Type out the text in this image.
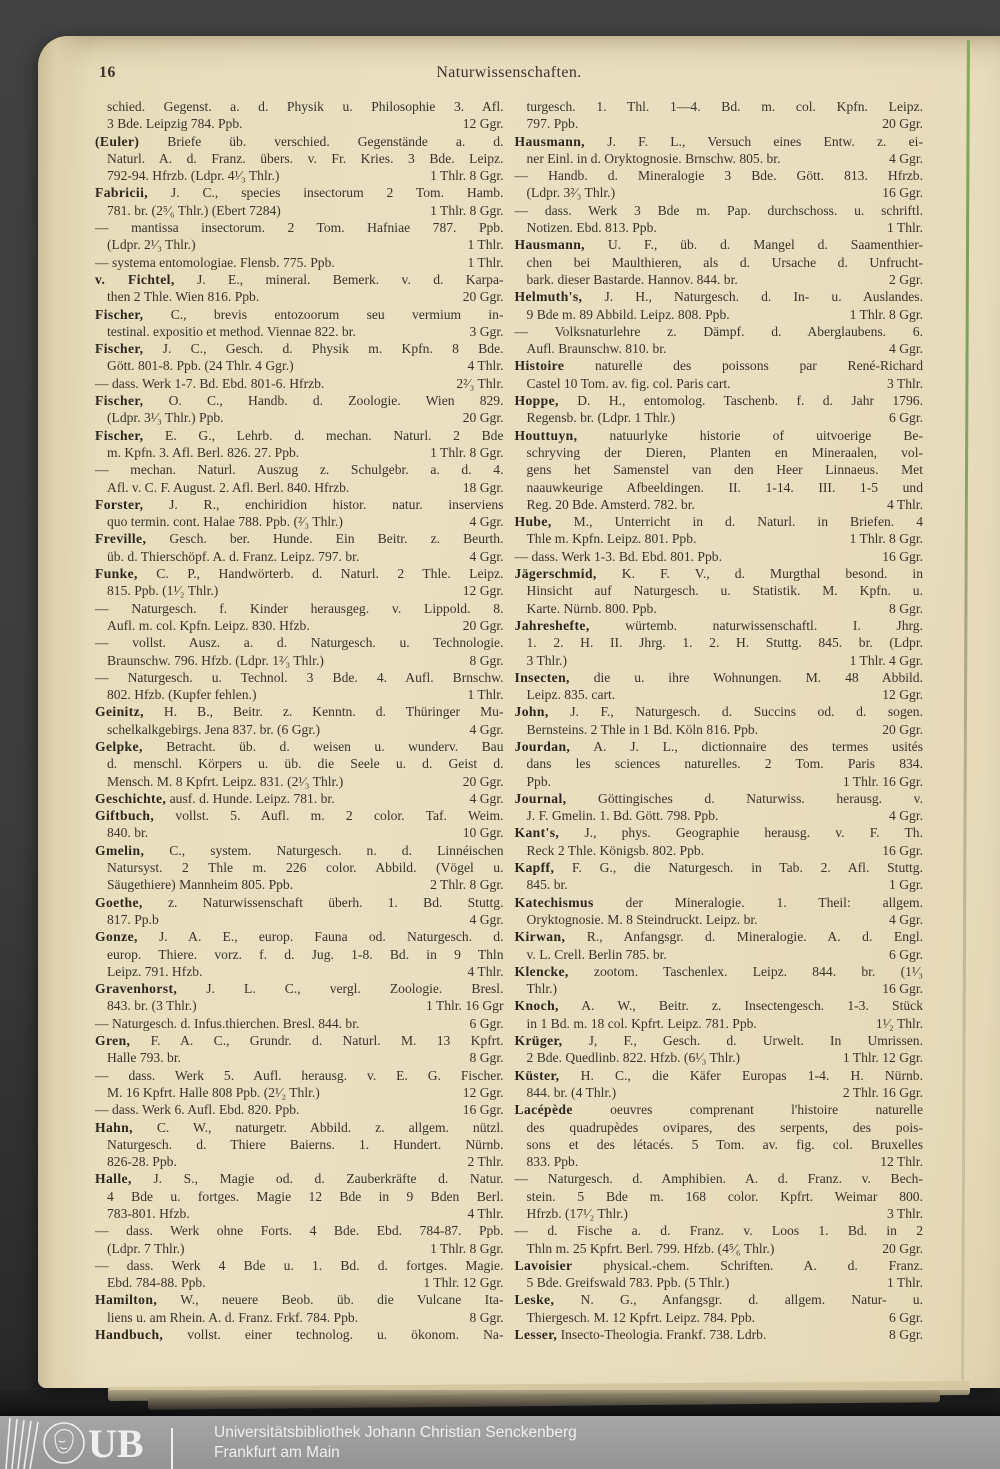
16	Naturwissenschaften.
schied. Gegenst. a. d. Physik u. Philosophie 3. Afl.
3 Bde. Leipzig 784. Ppb.	12 Ggr.
(Euler) Briefe üb. verschied. Gegenstände a. d.
Naturl. A. d. Franz. übers. v. Fr. Kries. 3 Bde. Leipz.
792-94. Hfrzb. (Ldpr. 4¹⁄₃ Thlr.)	1 Thlr. 8 Ggr.
Fabricii, J. C., species insectorum 2 Tom. Hamb.
781. br. (2⁵⁄₆ Thlr.) (Ebert 7284)	1 Thlr. 8 Ggr.
— mantissa insectorum. 2 Tom. Hafniae 787. Ppb.
(Ldpr. 2¹⁄₃ Thlr.)	1 Thlr.
— systema entomologiae. Flensb. 775. Ppb.	1 Thlr.
v. Fichtel, J. E., mineral. Bemerk. v. d. Karpa-
then 2 Thle. Wien 816. Ppb.	20 Ggr.
Fischer, C., brevis entozoorum seu vermium in-
testinal. expositio et method. Viennae 822. br.	3 Ggr.
Fischer, J. C., Gesch. d. Physik m. Kpfn. 8 Bde.
Gött. 801-8. Ppb. (24 Thlr. 4 Ggr.)	4 Thlr.
— dass. Werk 1-7. Bd. Ebd. 801-6. Hfrzb.	2²⁄₃ Thlr.
Fischer, O. C., Handb. d. Zoologie. Wien 829.
(Ldpr. 3¹⁄₃ Thlr.) Ppb.	20 Ggr.
Fischer, E. G., Lehrb. d. mechan. Naturl. 2 Bde
m. Kpfn. 3. Afl. Berl. 826. 27. Ppb.	1 Thlr. 8 Ggr.
— mechan. Naturl. Auszug z. Schulgebr. a. d. 4.
Afl. v. C. F. August. 2. Afl. Berl. 840. Hfrzb.	18 Ggr.
Forster, J. R., enchiridion histor. natur. inserviens
quo termin. cont. Halae 788. Ppb. (²⁄₃ Thlr.)	4 Ggr.
Freville, Gesch. ber. Hunde. Ein Beitr. z. Beurth.
üb. d. Thierschöpf. A. d. Franz. Leipz. 797. br.	4 Ggr.
Funke, C. P., Handwörterb. d. Naturl. 2 Thle. Leipz.
815. Ppb. (1¹⁄₂ Thlr.)	12 Ggr.
— Naturgesch. f. Kinder herausgeg. v. Lippold. 8.
Aufl. m. col. Kpfn. Leipz. 830. Hfzb.	20 Ggr.
— vollst. Ausz. a. d. Naturgesch. u. Technologie.
Braunschw. 796. Hfzb. (Ldpr. 1²⁄₃ Thlr.)	8 Ggr.
— Naturgesch. u. Technol. 3 Bde. 4. Aufl. Brnschw.
802. Hfzb. (Kupfer fehlen.)	1 Thlr.
Geinitz, H. B., Beitr. z. Kenntn. d. Thüringer Mu-
schelkalkgebirgs. Jena 837. br. (6 Ggr.)	4 Ggr.
Gelpke, Betracht. üb. d. weisen u. wunderv. Bau
d. menschl. Körpers u. üb. die Seele u. d. Geist d.
Mensch. M. 8 Kpfrt. Leipz. 831. (2¹⁄₃ Thlr.)	20 Ggr.
Geschichte, ausf. d. Hunde. Leipz. 781. br.	4 Ggr.
Giftbuch, vollst. 5. Aufl. m. 2 color. Taf. Weim.
840. br.	10 Ggr.
Gmelin, C., system. Naturgesch. n. d. Linnéischen
Natursyst. 2 Thle m. 226 color. Abbild. (Vögel u.
Säugethiere) Mannheim 805. Ppb.	2 Thlr. 8 Ggr.
Goethe, z. Naturwissenschaft überh. 1. Bd. Stuttg.
817. Pp.b	4 Ggr.
Gonze, J. A. E., europ. Fauna od. Naturgesch. d.
europ. Thiere. vorz. f. d. Jug. 1-8. Bd. in 9 Thln
Leipz. 791. Hfzb.	4 Thlr.
Gravenhorst, J. L. C., vergl. Zoologie. Bresl.
843. br. (3 Thlr.)	1 Thlr. 16 Ggr
— Naturgesch. d. Infus.thierchen. Bresl. 844. br.	6 Ggr.
Gren, F. A. C., Grundr. d. Naturl. M. 13 Kpfrt.
Halle 793. br.	8 Ggr.
— dass. Werk 5. Aufl. herausg. v. E. G. Fischer.
M. 16 Kpfrt. Halle 808 Ppb. (2¹⁄₂ Thlr.)	12 Ggr.
— dass. Werk 6. Aufl. Ebd. 820. Ppb.	16 Ggr.
Hahn, C. W., naturgetr. Abbild. z. allgem. nützl.
Naturgesch. d. Thiere Baierns. 1. Hundert. Nürnb.
826-28. Ppb.	2 Thlr.
Halle, J. S., Magie od. d. Zauberkräfte d. Natur.
4 Bde u. fortges. Magie 12 Bde in 9 Bden Berl.
783-801. Hfzb.	4 Thlr.
— dass. Werk ohne Forts. 4 Bde. Ebd. 784-87. Ppb.
(Ldpr. 7 Thlr.)	1 Thlr. 8 Ggr.
— dass. Werk 4 Bde u. 1. Bd. d. fortges. Magie.
Ebd. 784-88. Ppb.	1 Thlr. 12 Ggr.
Hamilton, W., neuere Beob. üb. die Vulcane Ita-
liens u. am Rhein. A. d. Franz. Frkf. 784. Ppb.	8 Ggr.
Handbuch, vollst. einer technolog. u. ökonom. Na-
turgesch. 1. Thl. 1—4. Bd. m. col. Kpfn. Leipz.
797. Ppb.	20 Ggr.
Hausmann, J. F. L., Versuch eines Entw. z. ei-
ner Einl. in d. Oryktognosie. Brnschw. 805. br.	4 Ggr.
— Handb. d. Mineralogie 3 Bde. Gött. 813. Hfrzb.
(Ldpr. 3²⁄₃ Thlr.)	16 Ggr.
— dass. Werk 3 Bde m. Pap. durchschoss. u. schriftl.
Notizen. Ebd. 813. Ppb.	1 Thlr.
Hausmann, U. F., üb. d. Mangel d. Saamenthier-
chen bei Maulthieren, als d. Ursache d. Unfrucht-
bark. dieser Bastarde. Hannov. 844. br.	2 Ggr.
Helmuth's, J. H., Naturgesch. d. In- u. Auslandes.
9 Bde m. 89 Abbild. Leipz. 808. Ppb.	1 Thlr. 8 Ggr.
— Volksnaturlehre z. Dämpf. d. Aberglaubens. 6.
Aufl. Braunschw. 810. br.	4 Ggr.
Histoire naturelle des poissons par René-Richard
Castel 10 Tom. av. fig. col. Paris cart.	3 Thlr.
Hoppe, D. H., entomolog. Taschenb. f. d. Jahr 1796.
Regensb. br. (Ldpr. 1 Thlr.)	6 Ggr.
Houttuyn, natuurlyke historie of uitvoerige Be-
schryving der Dieren, Planten en Mineraalen, vol-
gens het Samenstel van den Heer Linnaeus. Met
naauwkeurige Afbeeldingen. II. 1-14. III. 1-5 und
Reg. 20 Bde. Amsterd. 782. br.	4 Thlr.
Hube, M., Unterricht in d. Naturl. in Briefen. 4
Thle m. Kpfn. Leipz. 801. Ppb.	1 Thlr. 8 Ggr.
— dass. Werk 1-3. Bd. Ebd. 801. Ppb.	16 Ggr.
Jägerschmid, K. F. V., d. Murgthal besond. in
Hinsicht auf Naturgesch. u. Statistik. M. Kpfn. u.
Karte. Nürnb. 800. Ppb.	8 Ggr.
Jahreshefte, würtemb. naturwissenschaftl. I. Jhrg.
1. 2. H. II. Jhrg. 1. 2. H. Stuttg. 845. br. (Ldpr.
3 Thlr.)	1 Thlr. 4 Ggr.
Insecten, die u. ihre Wohnungen. M. 48 Abbild.
Leipz. 835. cart.	12 Ggr.
John, J. F., Naturgesch. d. Succins od. d. sogen.
Bernsteins. 2 Thle in 1 Bd. Köln 816. Ppb.	20 Ggr.
Jourdan, A. J. L., dictionnaire des termes usités
dans les sciences naturelles. 2 Tom. Paris 834.
Ppb.	1 Thlr. 16 Ggr.
Journal, Göttingisches d. Naturwiss. herausg. v.
J. F. Gmelin. 1. Bd. Gött. 798. Ppb.	4 Ggr.
Kant's, J., phys. Geographie herausg. v. F. Th.
Reck 2 Thle. Königsb. 802. Ppb.	16 Ggr.
Kapff, F. G., die Naturgesch. in Tab. 2. Afl. Stuttg.
845. br.	1 Ggr.
Katechismus der Mineralogie. 1. Theil: allgem.
Oryktognosie. M. 8 Steindruckt. Leipz. br.	4 Ggr.
Kirwan, R., Anfangsgr. d. Mineralogie. A. d. Engl.
v. L. Crell. Berlin 785. br.	6 Ggr.
Klencke, zootom. Taschenlex. Leipz. 844. br. (1¹⁄₃
Thlr.)	16 Ggr.
Knoch, A. W., Beitr. z. Insectengesch. 1-3. Stück
in 1 Bd. m. 18 col. Kpfrt. Leipz. 781. Ppb.	1¹⁄₂ Thlr.
Krüger, J, F., Gesch. d. Urwelt. In Umrissen.
2 Bde. Quedlinb. 822. Hfzb. (6¹⁄₃ Thlr.)	1 Thlr. 12 Ggr.
Küster, H. C., die Käfer Europas 1-4. H. Nürnb.
844. br. (4 Thlr.)	2 Thlr. 16 Ggr.
Lacépède oeuvres comprenant l'histoire naturelle
des quadrupèdes ovipares, des serpents, des pois-
sons et des létacés. 5 Tom. av. fig. col. Bruxelles
833. Ppb.	12 Thlr.
— Naturgesch. d. Amphibien. A. d. Franz. v. Bech-
stein. 5 Bde m. 168 color. Kpfrt. Weimar 800.
Hfrzb. (17¹⁄₂ Thlr.)	3 Thlr.
— d. Fische a. d. Franz. v. Loos 1. Bd. in 2
Thln m. 25 Kpfrt. Berl. 799. Hfzb. (4⁵⁄₆ Thlr.)	20 Ggr.
Lavoisier physical.-chem. Schriften. A. d. Franz.
5 Bde. Greifswald 783. Ppb. (5 Thlr.)	1 Thlr.
Leske, N. G., Anfangsgr. d. allgem. Natur- u.
Thiergesch. M. 12 Kpfrt. Leipz. 784. Ppb.	6 Ggr.
Lesser, Insecto-Theologia. Frankf. 738. Ldrb.	8 Ggr.
UB	Universitätsbibliothek Johann Christian Senckenberg
Frankfurt am Main
